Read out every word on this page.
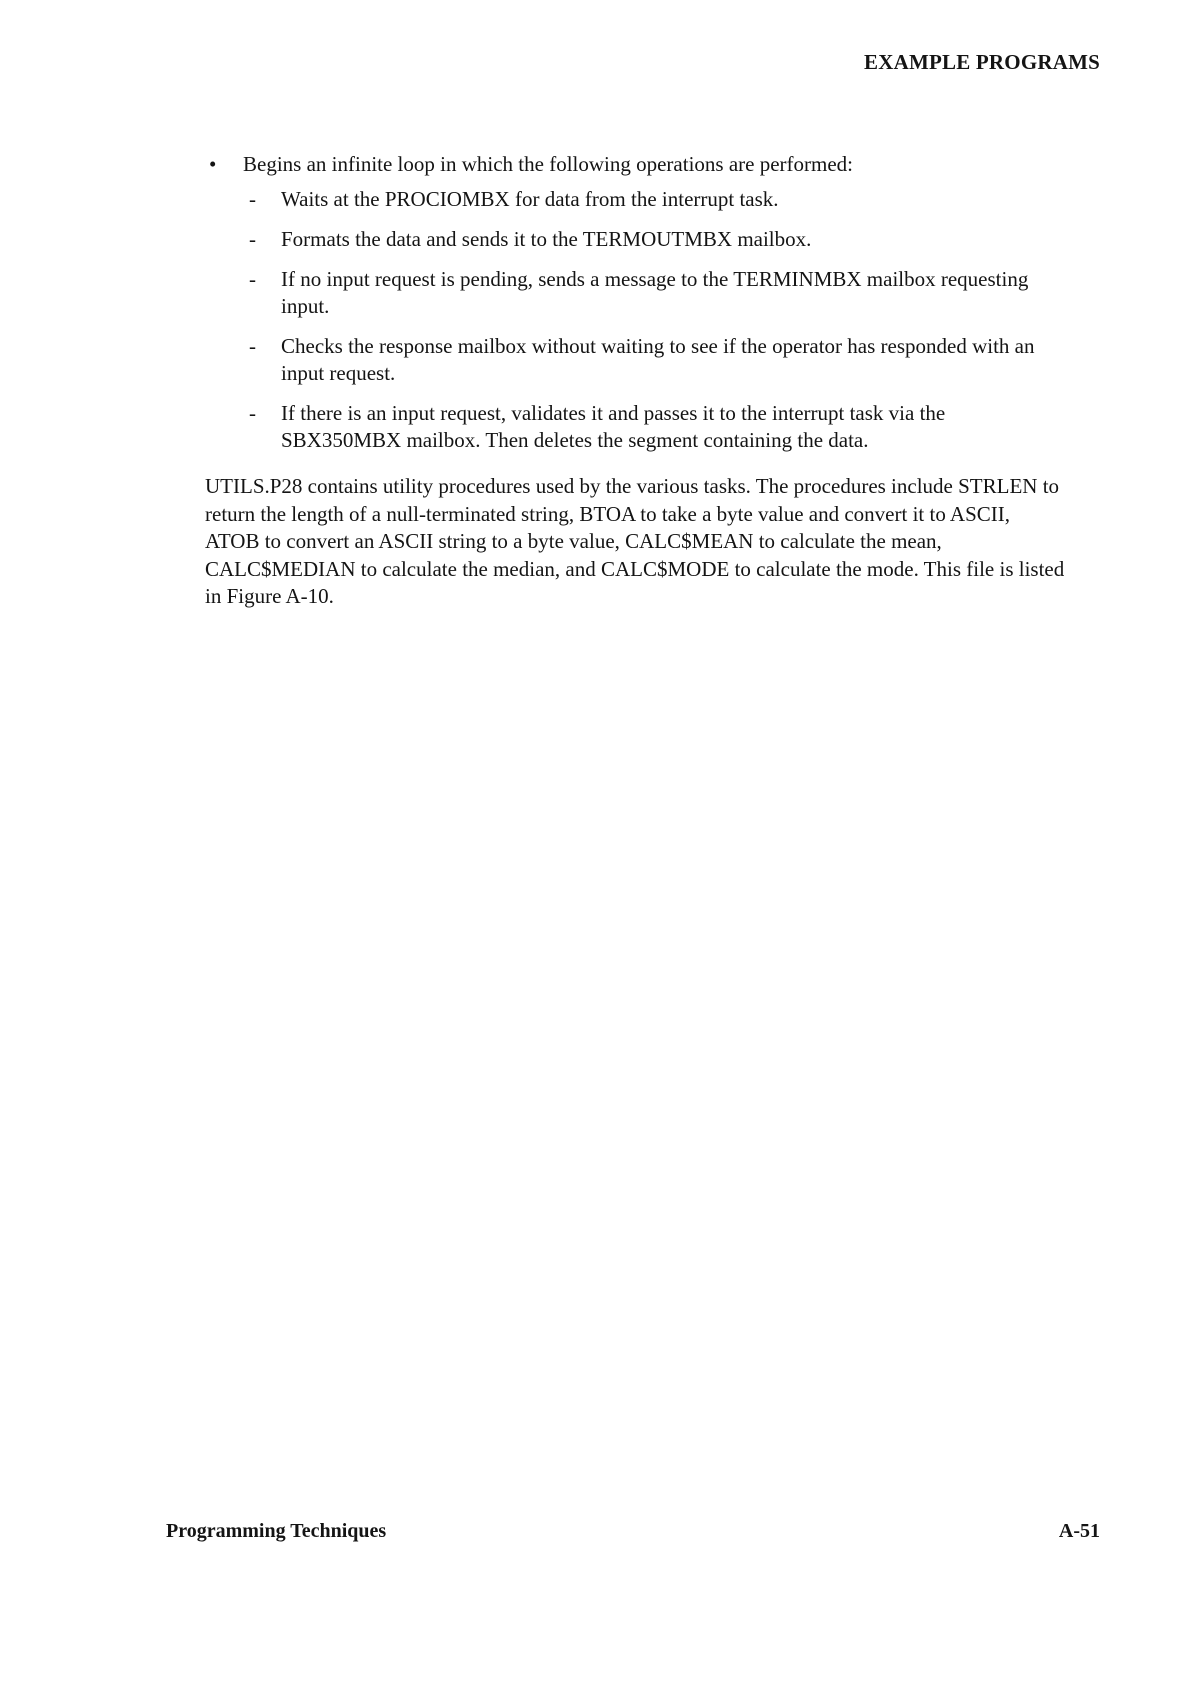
EXAMPLE PROGRAMS
• Begins an infinite loop in which the following operations are performed:
- Waits at the PROCIOMBX for data from the interrupt task.
- Formats the data and sends it to the TERMOUTMBX mailbox.
- If no input request is pending, sends a message to the TERMINMBX mailbox requesting input.
- Checks the response mailbox without waiting to see if the operator has responded with an input request.
- If there is an input request, validates it and passes it to the interrupt task via the SBX350MBX mailbox. Then deletes the segment containing the data.

UTILS.P28 contains utility procedures used by the various tasks. The procedures include STRLEN to return the length of a null-terminated string, BTOA to take a byte value and convert it to ASCII, ATOB to convert an ASCII string to a byte value, CALC$MEAN to calculate the mean, CALC$MEDIAN to calculate the median, and CALC$MODE to calculate the mode. This file is listed in Figure A-10.

Programming Techniques	A-51
